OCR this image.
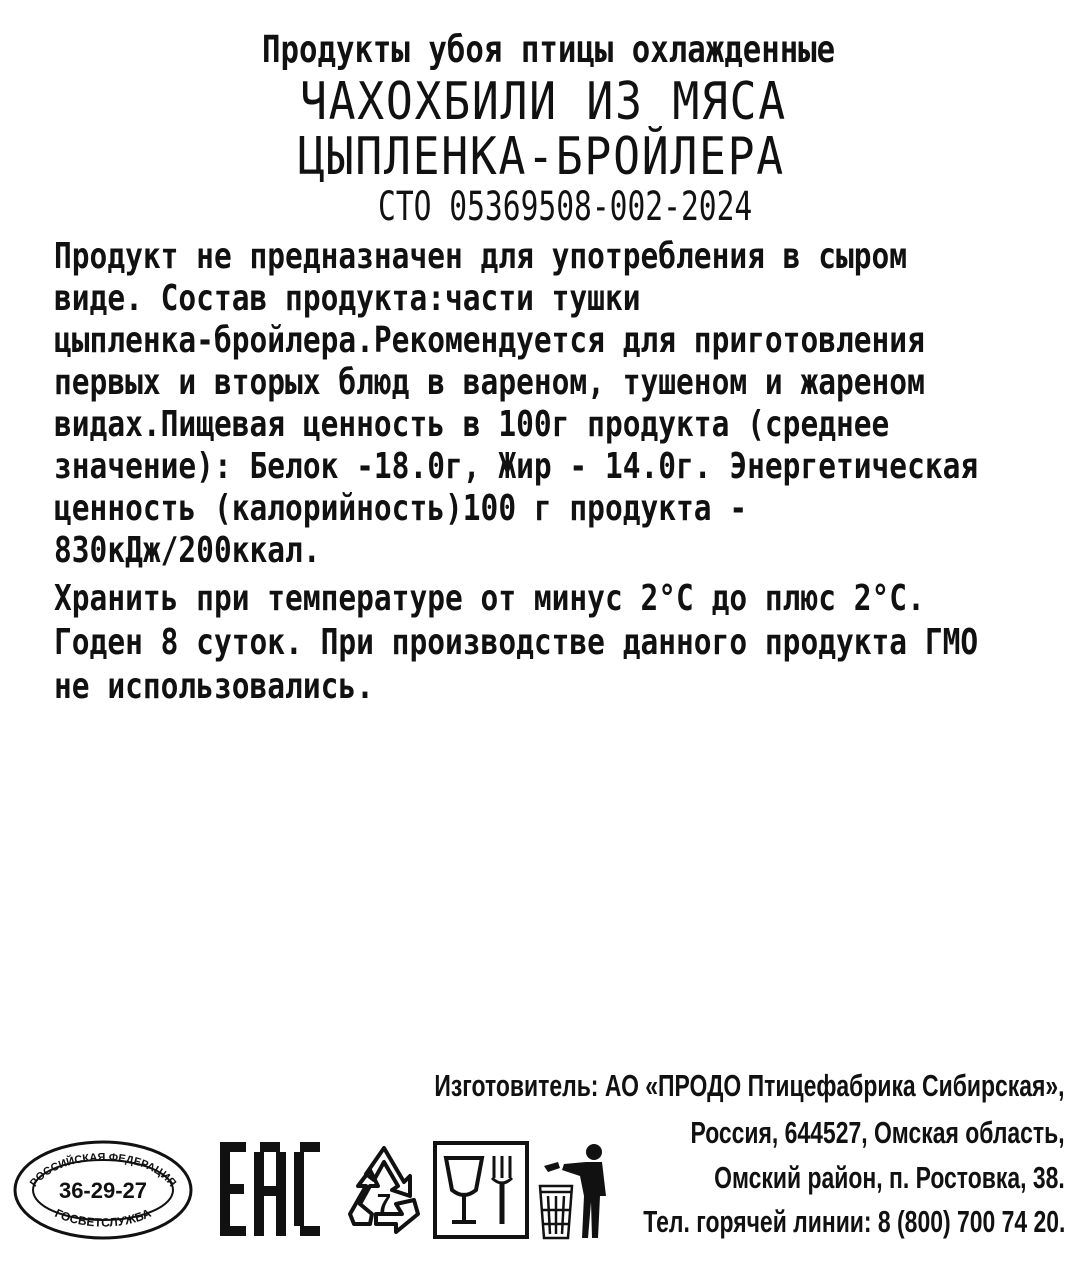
Продукты убоя птицы охлажденные
ЧАХОХБИЛИ ИЗ МЯСА
ЦЫПЛЕНКА-БРОЙЛЕРА
СТО 05369508-002-2024
Продукт не предназначен для употребления в сыром
виде. Состав продукта:части тушки
цыпленка-бройлера.Рекомендуется для приготовления
первых и вторых блюд в вареном, тушеном и жареном
видах.Пищевая ценность в 100г продукта (среднее
значение): Белок -18.0г, Жир - 14.0г. Энергетическая
ценность (калорийность)100 г продукта -
830кДж/200ккал.
Хранить при температуре от минус 2°C до плюс 2°C.
Годен 8 суток. При производстве данного продукта ГМО
не использовались.
Изготовитель: АО «ПРОДО Птицефабрика Сибирская»,
Россия, 644527, Омская область,
Омский район, п. Ростовка, 38.
Тел. горячей линии: 8 (800) 700 74 20.
РОССИЙСКАЯ ФЕДЕРАЦИЯ
ГОСВЕТСЛУЖБА
36-29-27	7
